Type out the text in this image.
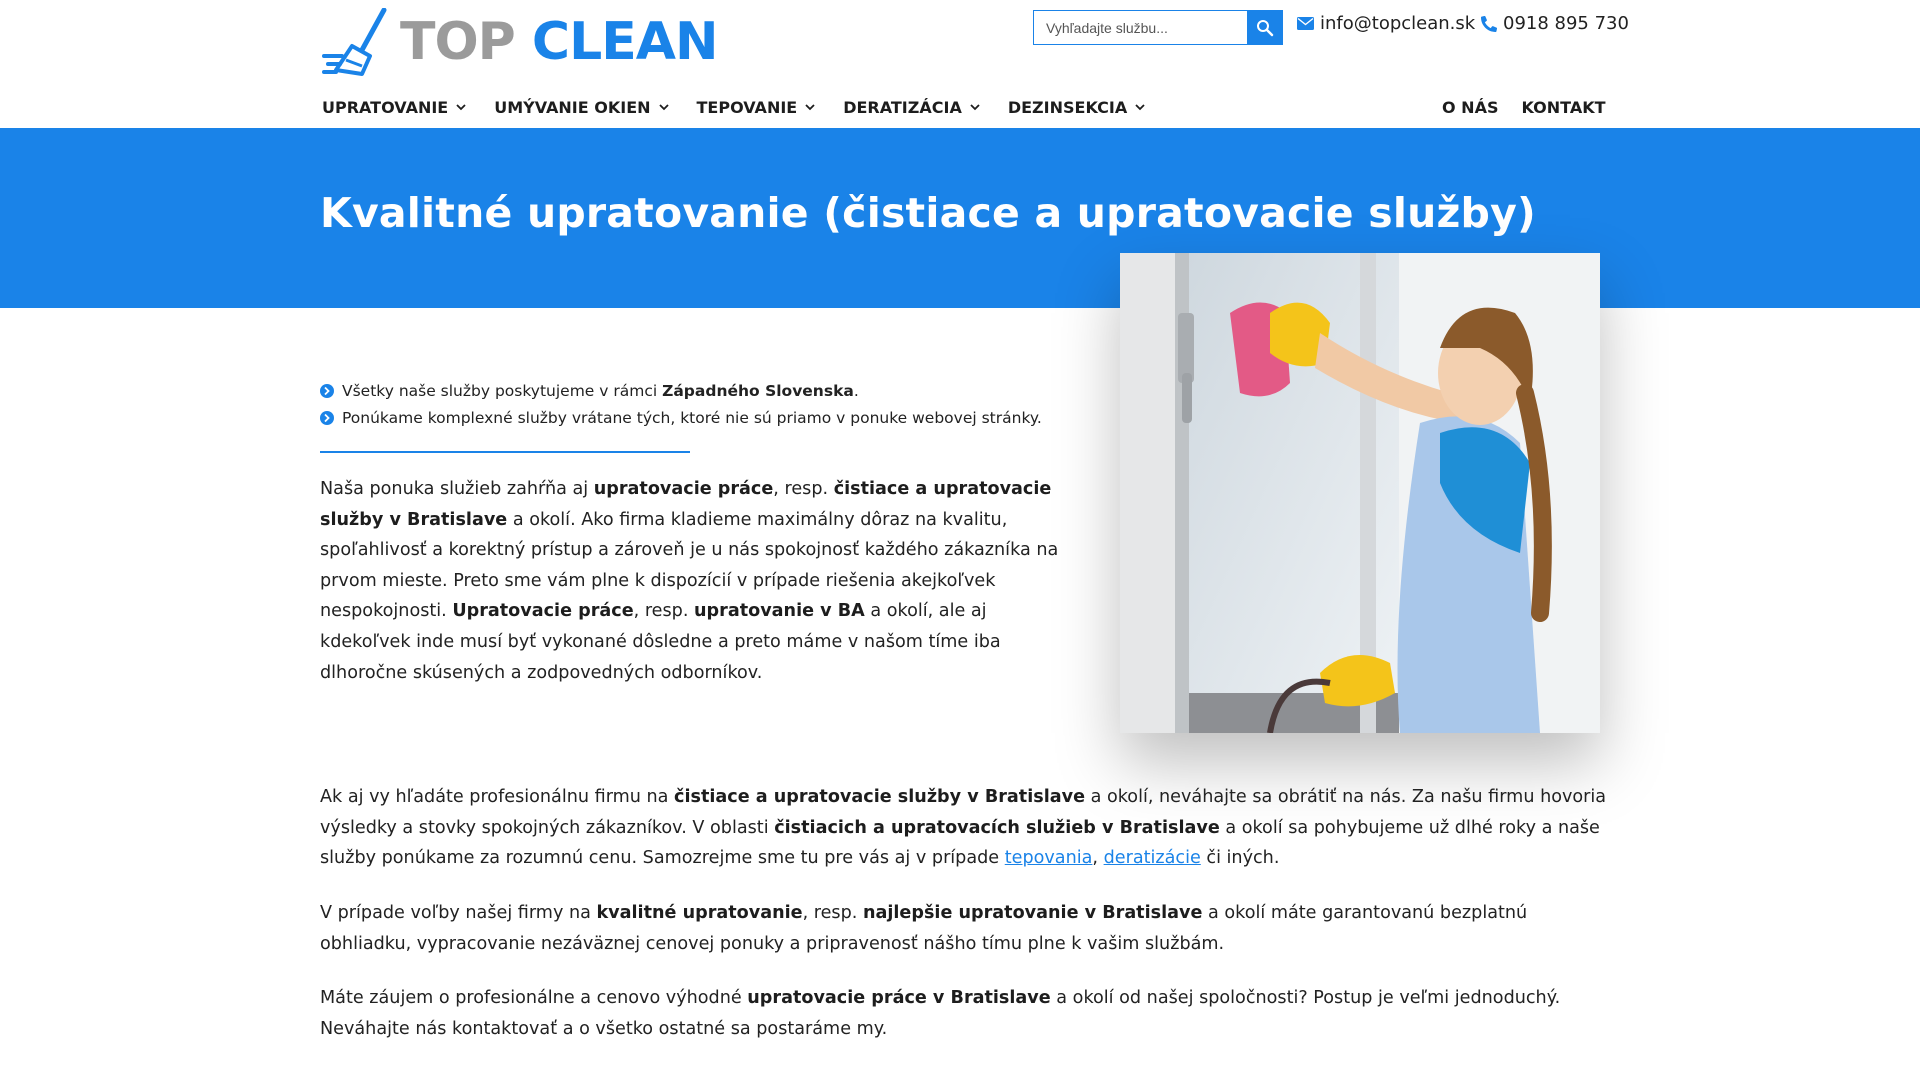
TOP CLEAN
Vyhľadajte službu...	info@topclean.sk 0918 895 730
UPRATOVANIE	UMÝVANIE OKIEN	TEPOVANIE	DERATIZÁCIA	DEZINSEKCIA	O NÁS KONTAKT
Kvalitné upratovanie (čistiace a upratovacie služby)
Všetky naše služby poskytujeme v rámci Západného Slovenska.
Ponúkame komplexné služby vrátane tých, ktoré nie sú priamo v ponuke webovej stránky.

Naša ponuka služieb zahŕňa aj upratovacie práce, resp. čistiace a upratovacie služby v Bratislave a okolí. Ako firma kladieme maximálny dôraz na kvalitu, spoľahlivosť a korektný prístup a zároveň je u nás spokojnosť každého zákazníka na prvom mieste. Preto sme vám plne k dispozícií v prípade riešenia akejkoľvek nespokojnosti. Upratovacie práce, resp. upratovanie v BA a okolí, ale aj kdekoľvek inde musí byť vykonané dôsledne a preto máme v našom tíme iba dlhoročne skúsených a zodpovedných odborníkov.

Ak aj vy hľadáte profesionálnu firmu na čistiace a upratovacie služby v Bratislave a okolí, neváhajte sa obrátiť na nás. Za našu firmu hovoria výsledky a stovky spokojných zákazníkov. V oblasti čistiacich a upratovacích služieb v Bratislave a okolí sa pohybujeme už dlhé roky a naše služby ponúkame za rozumnú cenu. Samozrejme sme tu pre vás aj v prípade tepovania, deratizácie či iných.

V prípade voľby našej firmy na kvalitné upratovanie, resp. najlepšie upratovanie v Bratislave a okolí máte garantovanú bezplatnú obhliadku, vypracovanie nezáväznej cenovej ponuky a pripravenosť nášho tímu plne k vašim službám.

Máte záujem o profesionálne a cenovo výhodné upratovacie práce v Bratislave a okolí od našej spoločnosti? Postup je veľmi jednoduchý. Neváhajte nás kontaktovať a o všetko ostatné sa postaráme my.
